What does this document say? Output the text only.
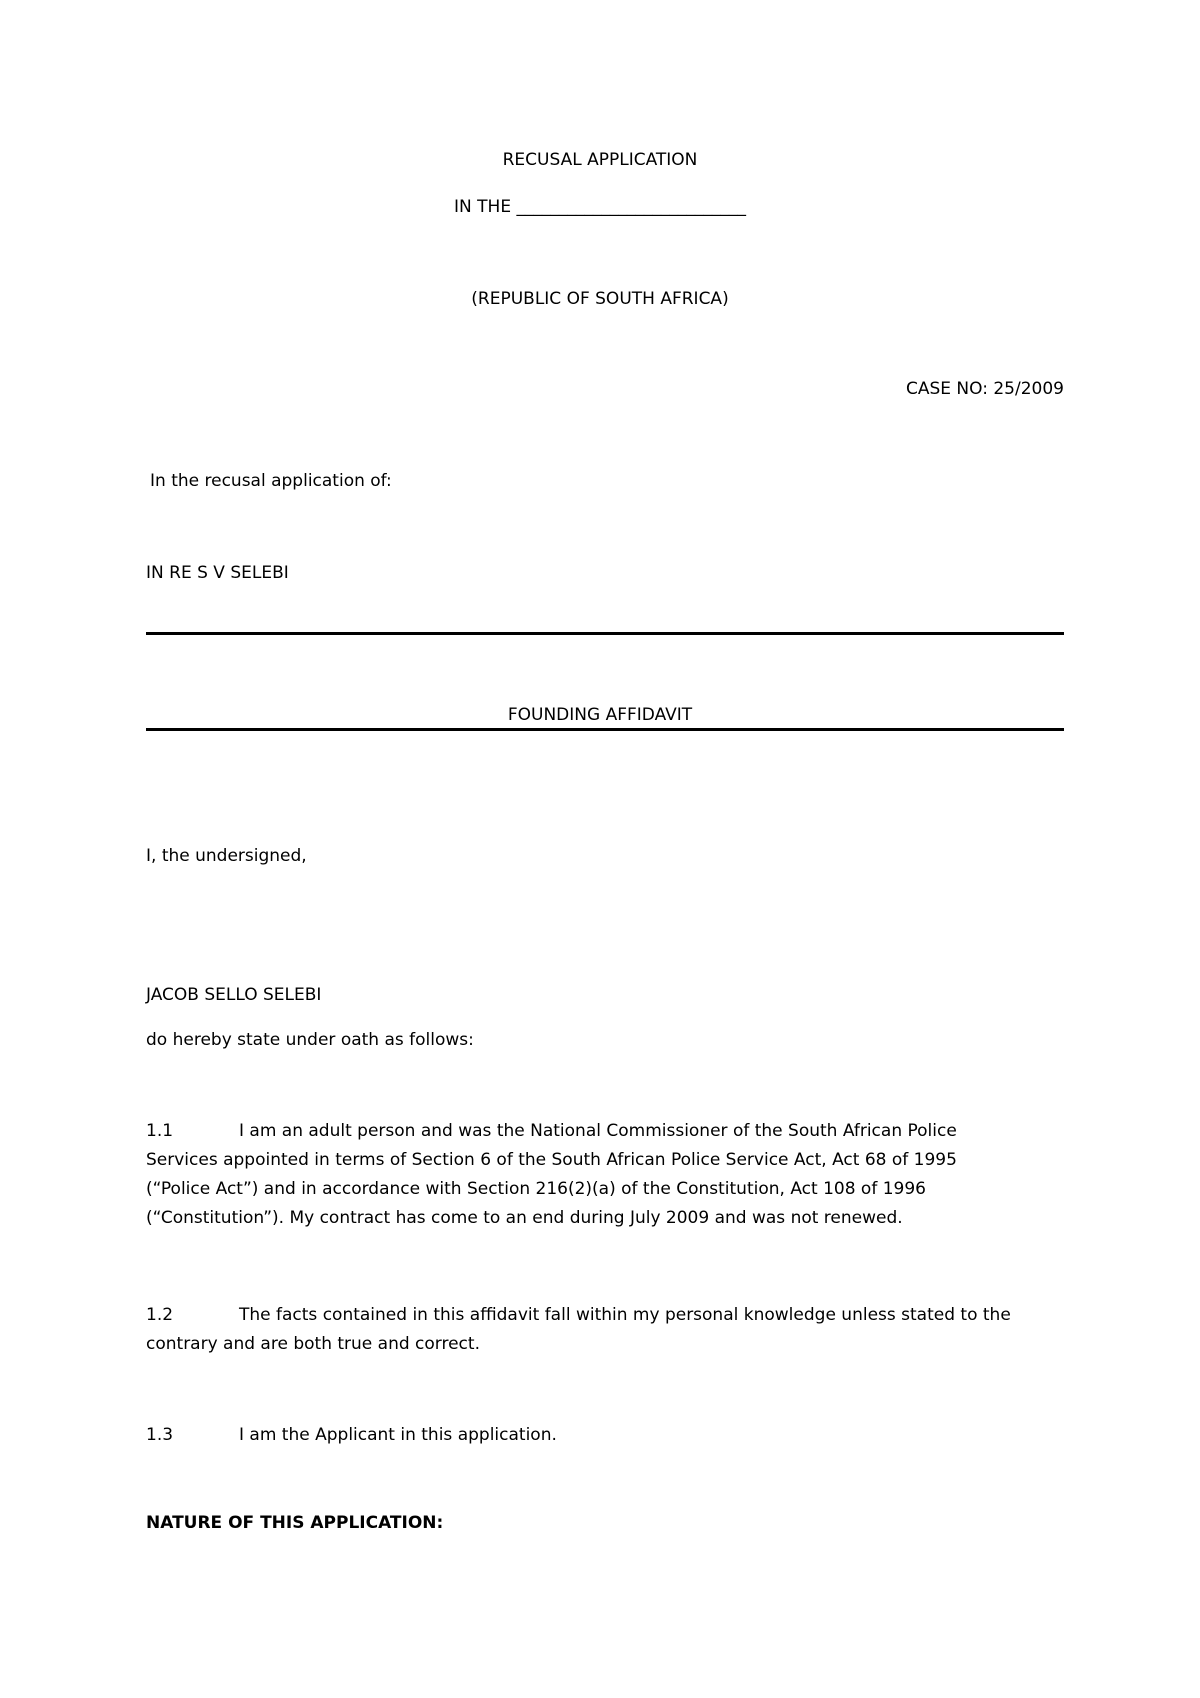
RECUSAL APPLICATION
IN THE ___________________________
(REPUBLIC OF SOUTH AFRICA)
CASE NO: 25/2009
In the recusal application of:
IN RE S V SELEBI
FOUNDING AFFIDAVIT
I, the undersigned,
JACOB SELLO SELEBI
do hereby state under oath as follows:
1.1	I am an adult person and was the National Commissioner of the South African Police
Services appointed in terms of Section 6 of the South African Police Service Act, Act 68 of 1995
(“Police Act”) and in accordance with Section 216(2)(a) of the Constitution, Act 108 of 1996
(“Constitution”). My contract has come to an end during July 2009 and was not renewed.
1.2	The facts contained in this affidavit fall within my personal knowledge unless stated to the
contrary and are both true and correct.
1.3	I am the Applicant in this application.
NATURE OF THIS APPLICATION:
